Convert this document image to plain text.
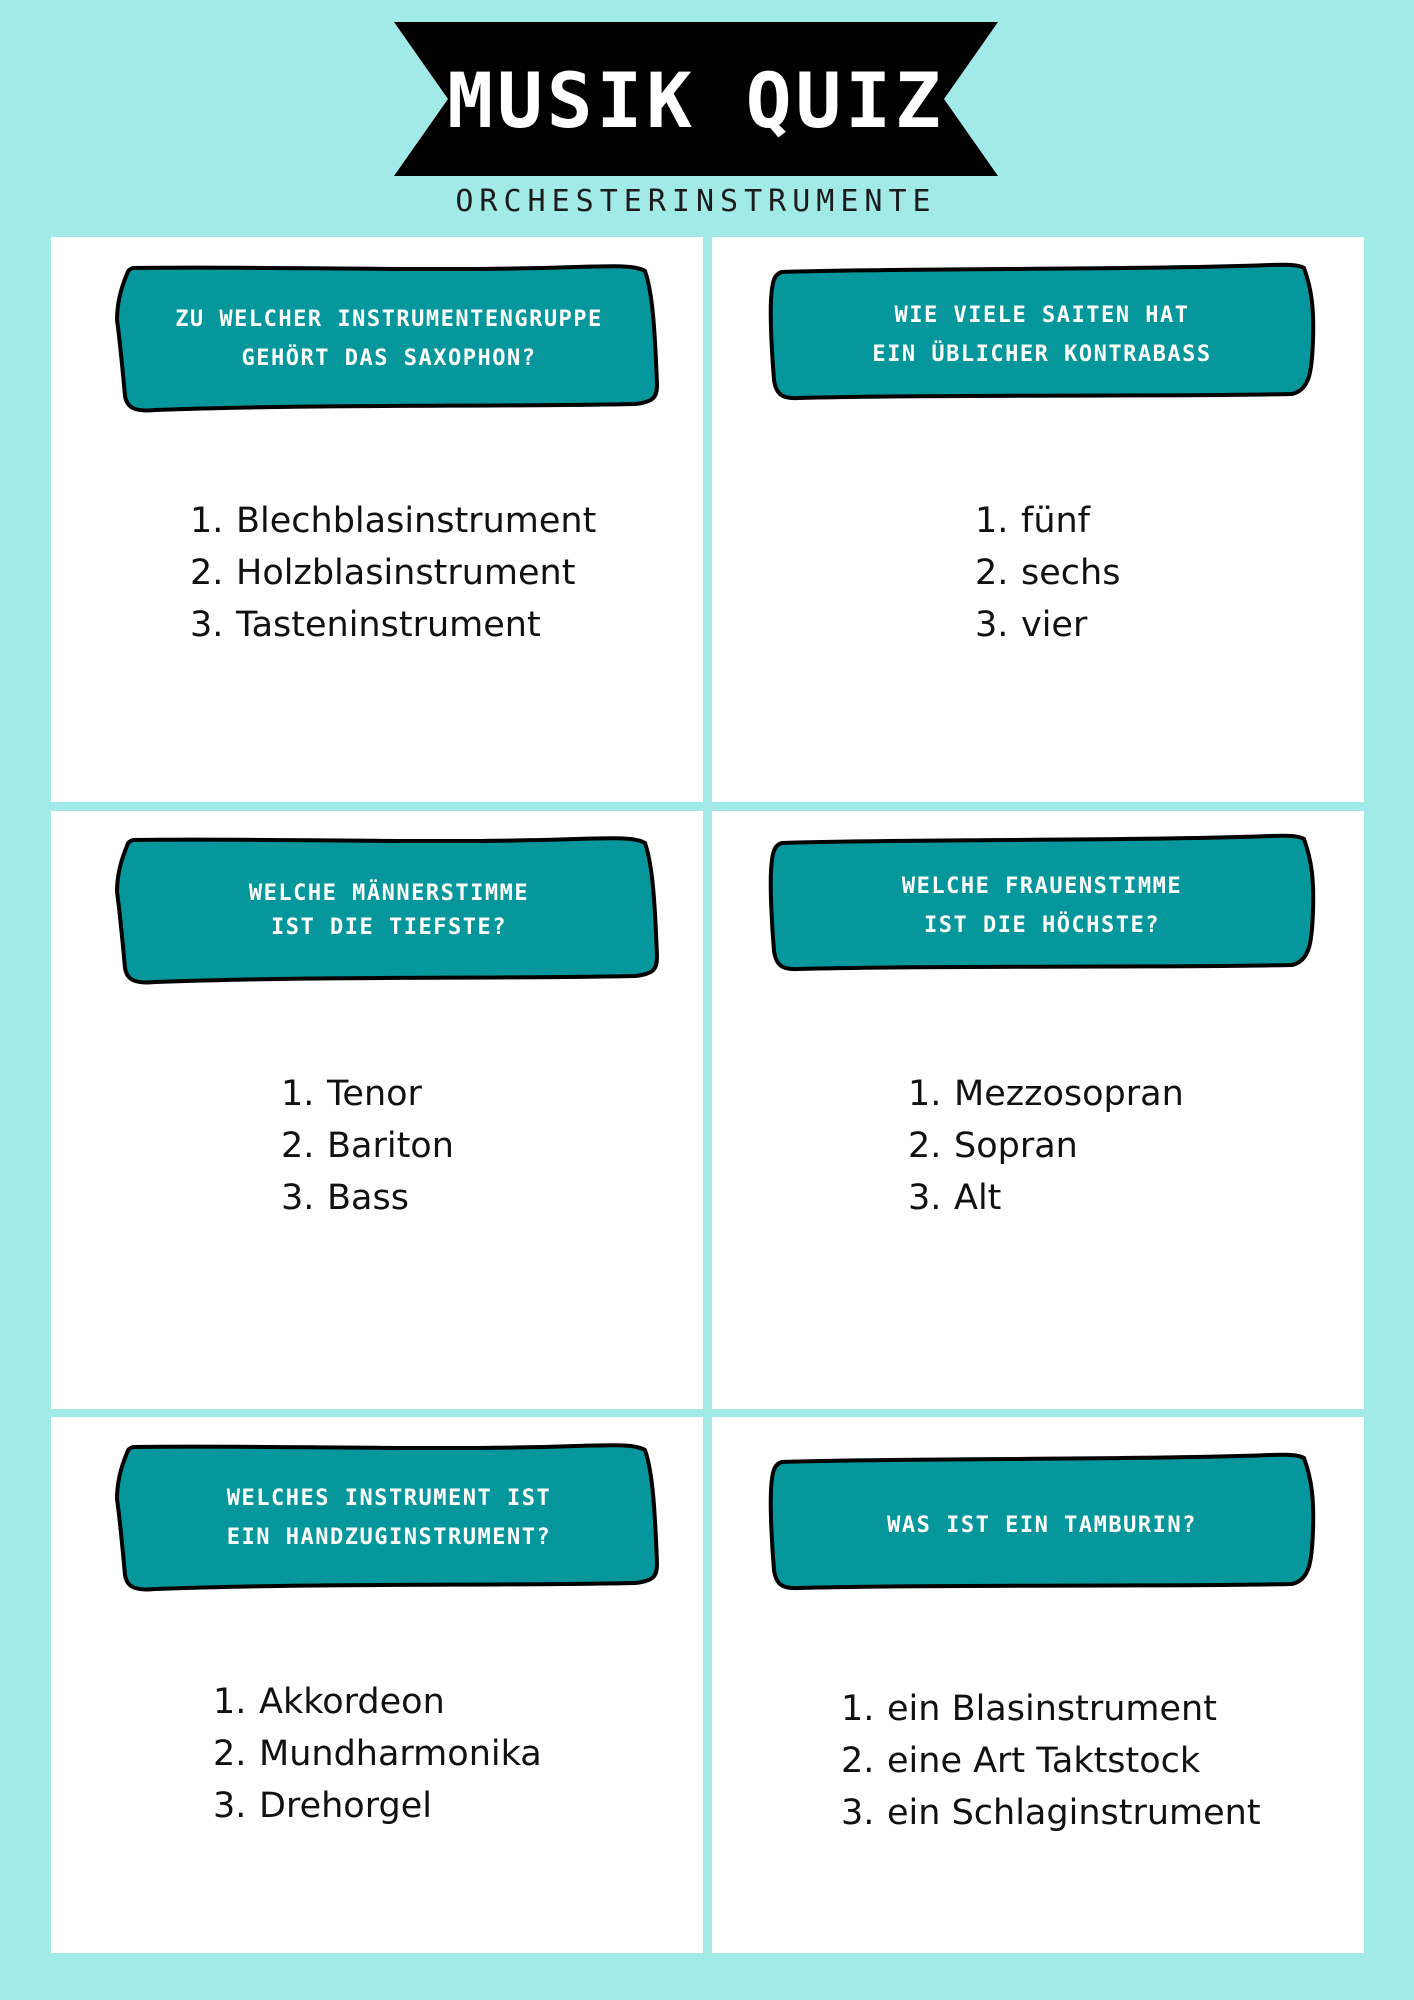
MUSIK QUIZ
ORCHESTERINSTRUMENTE
ZU WELCHER INSTRUMENTENGRUPPE
GEHÖRT DAS SAXOPHON?
1. Blechblasinstrument
2. Holzblasinstrument
3. Tasteninstrument
WIE VIELE SAITEN HAT
EIN ÜBLICHER KONTRABASS
1. fünf
2. sechs
3. vier
WELCHE MÄNNERSTIMME
IST DIE TIEFSTE?
1. Tenor
2. Bariton
3. Bass
WELCHE FRAUENSTIMME
IST DIE HÖCHSTE?
1. Mezzosopran
2. Sopran
3. Alt
WELCHES INSTRUMENT IST
EIN HANDZUGINSTRUMENT?
1. Akkordeon
2. Mundharmonika
3. Drehorgel
WAS IST EIN TAMBURIN?
1. ein Blasinstrument
2. eine Art Taktstock
3. ein Schlaginstrument
